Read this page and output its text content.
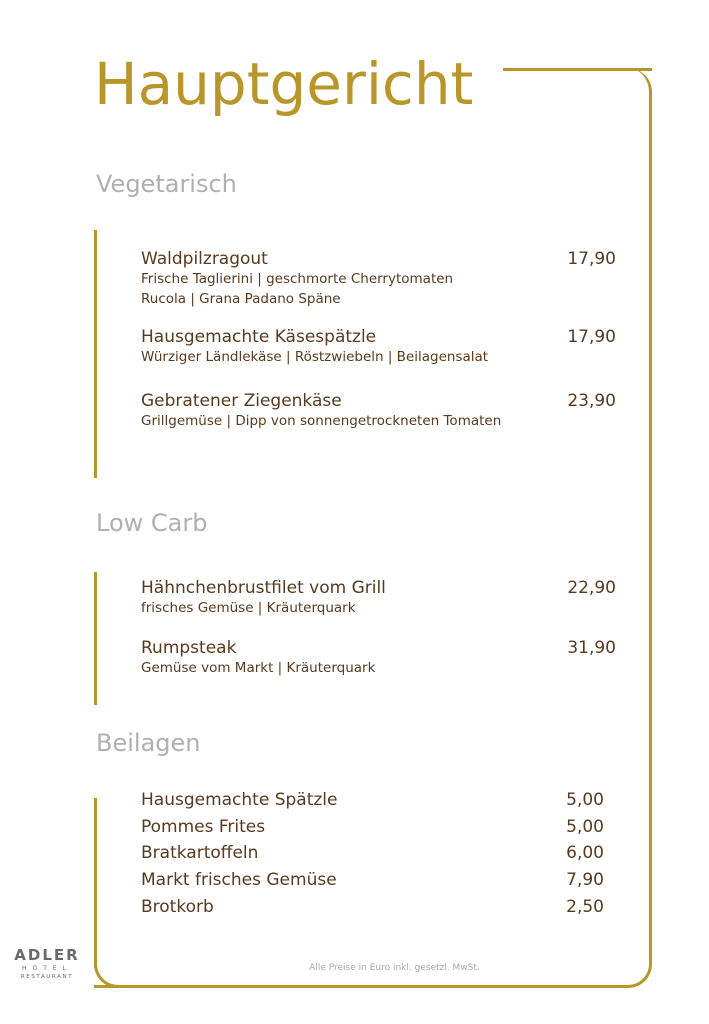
Hauptgericht
Vegetarisch
Waldpilzragout
Frische Taglierini | geschmorte Cherrytomaten
Rucola | Grana Padano Späne
17,90
Hausgemachte Käsespätzle
Würziger Ländlekäse | Röstzwiebeln | Beilagensalat
17,90
Gebratener Ziegenkäse
Grillgemüse | Dipp von sonnengetrockneten Tomaten
23,90
Low Carb
Hähnchenbrustfilet vom Grill
frisches Gemüse | Kräuterquark
22,90
Rumpsteak
Gemüse vom Markt | Kräuterquark
31,90
Beilagen
Hausgemachte Spätzle	5,00
Pommes Frites	5,00
Bratkartoffeln	6,00
Markt frisches Gemüse	7,90
Brotkorb	2,50
Alle Preise in Euro inkl. gesetzl. MwSt.
ADLER
HOTEL
RESTAURANT
